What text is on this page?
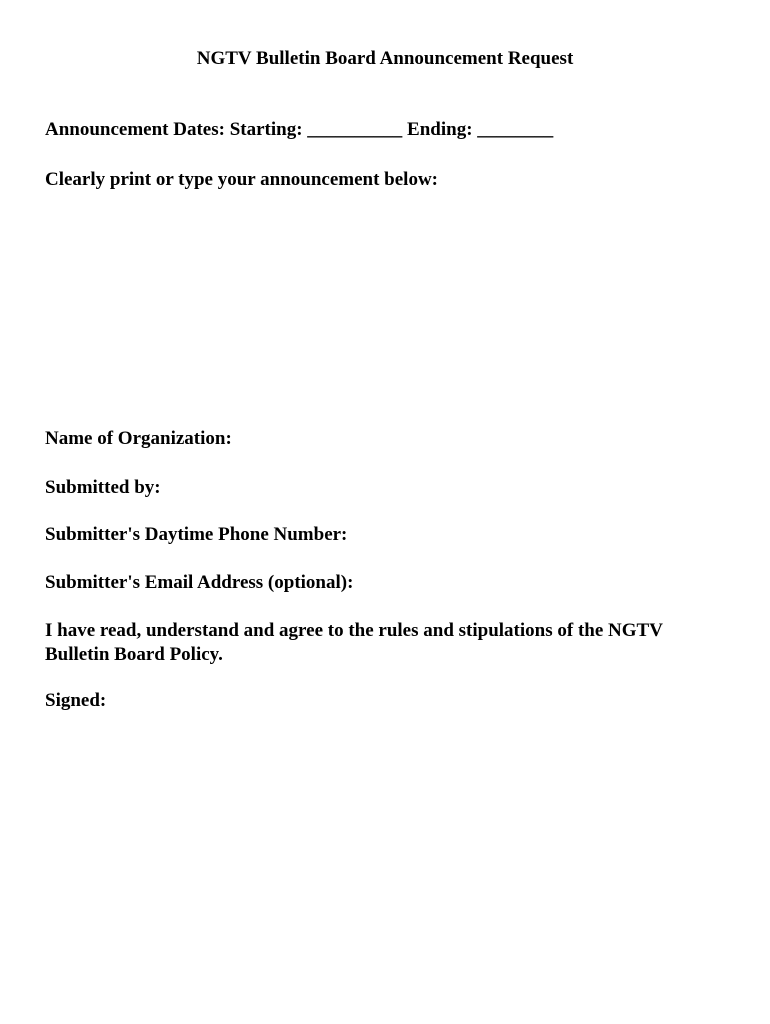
NGTV Bulletin Board Announcement Request
Announcement Dates: Starting: __________ Ending: ________
Clearly print or type your announcement below:
Name of Organization:
Submitted by:
Submitter's Daytime Phone Number:
Submitter's Email Address (optional):
I have read, understand and agree to the rules and stipulations of the NGTV Bulletin Board Policy.
Signed:
